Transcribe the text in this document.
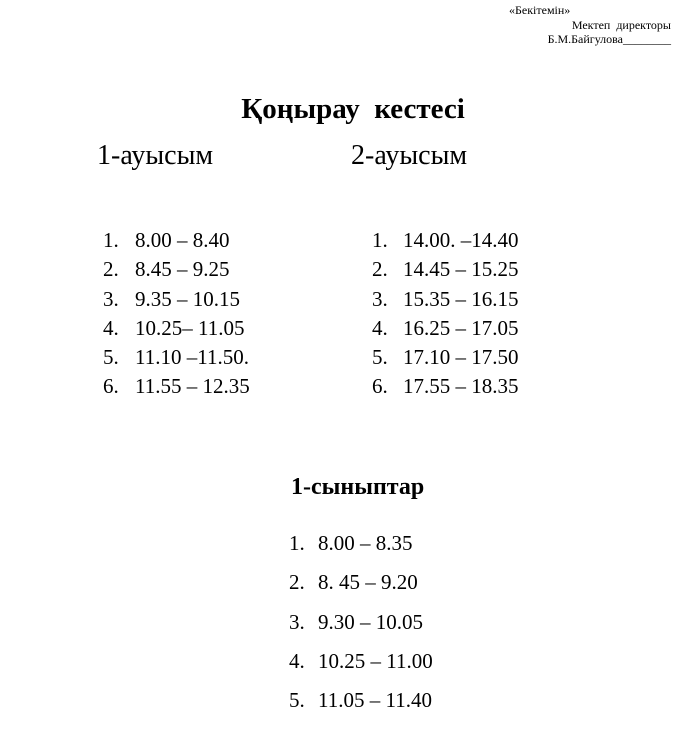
«Бекітемін»
Мектеп  директоры
Б.М.Байгулова________
Қоңырау  кестесі
1-ауысым	2-ауысым
1. 8.00 – 8.40
2. 8.45 – 9.25
3. 9.35 – 10.15
4. 10.25– 11.05
5. 11.10 –11.50.
6. 11.55 – 12.35
1. 14.00. –14.40
2. 14.45 – 15.25
3. 15.35 – 16.15
4. 16.25 – 17.05
5. 17.10 – 17.50
6. 17.55 – 18.35
1-сыныптар
1. 8.00 – 8.35
2. 8. 45 – 9.20
3. 9.30 – 10.05
4. 10.25 – 11.00
5. 11.05 – 11.40
